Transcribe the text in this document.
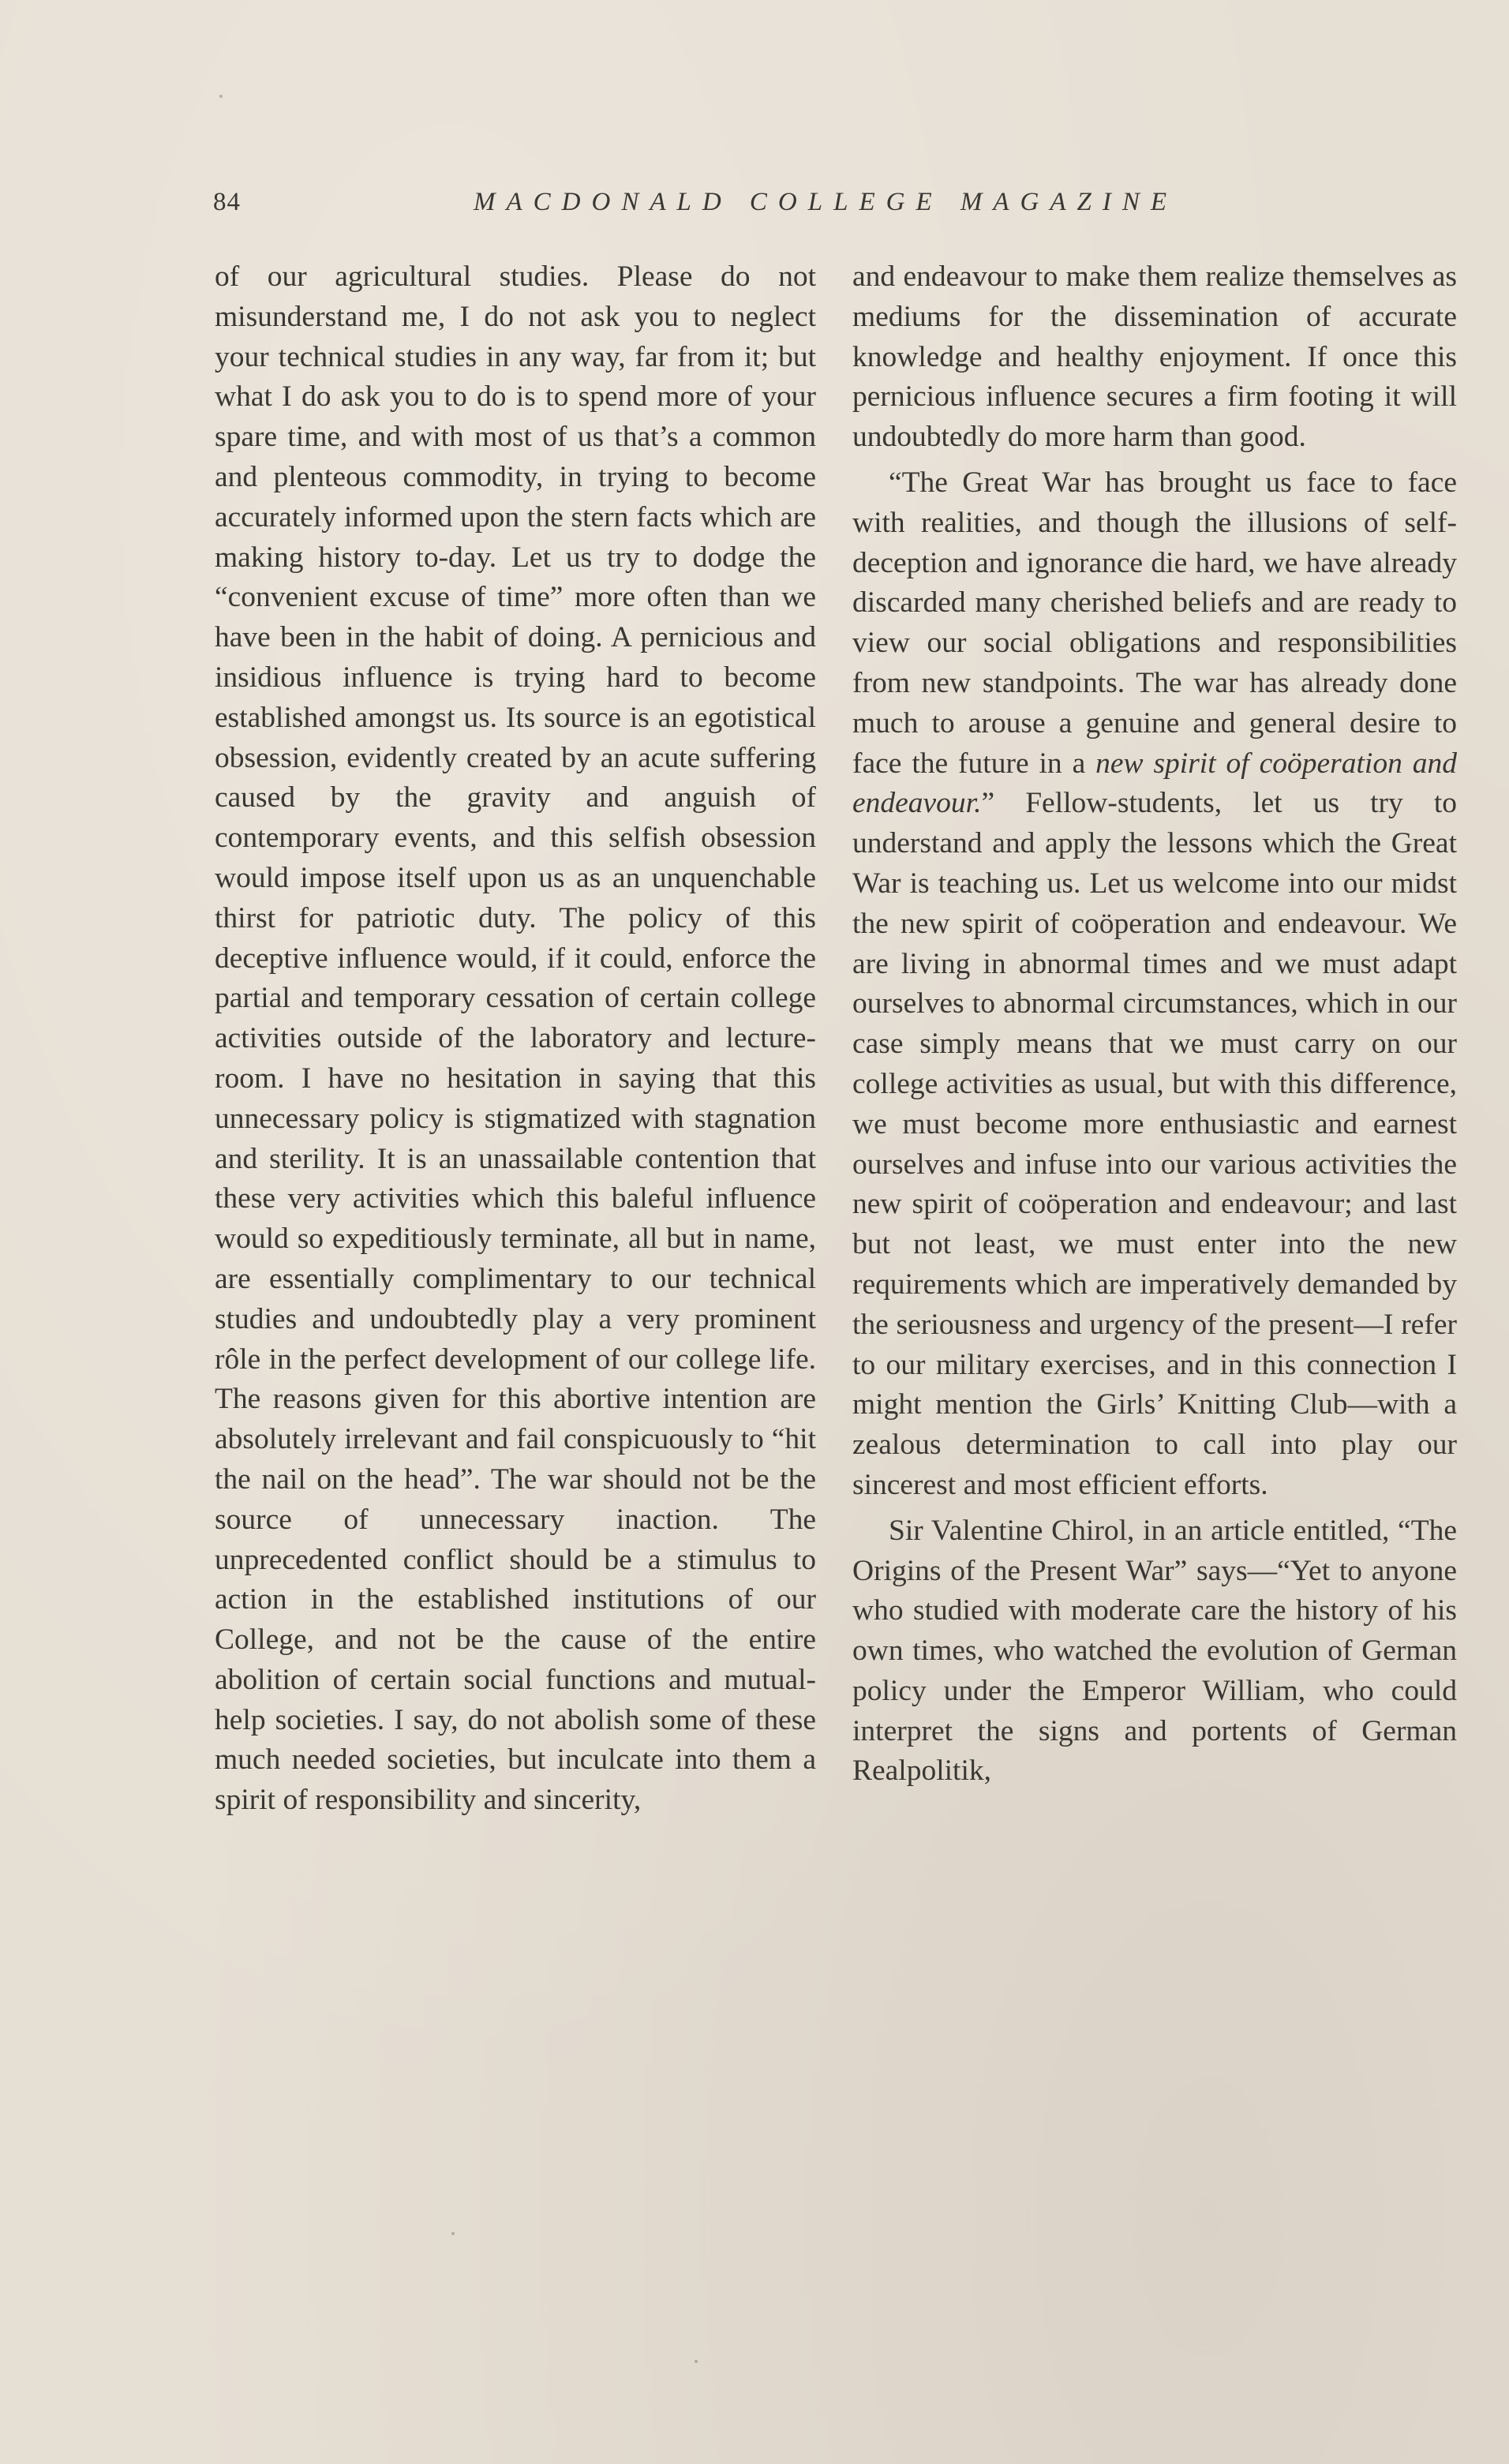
84	MACDONALD COLLEGE MAGAZINE

of our agricultural studies. Please do not misunderstand me, I do not ask you to neglect your technical studies in any way, far from it; but what I do ask you to do is to spend more of your spare time, and with most of us that’s a common and plenteous commodity, in trying to become accurately informed upon the stern facts which are making history to-day. Let us try to dodge the “convenient excuse of time” more often than we have been in the habit of doing. A pernicious and insidious influence is trying hard to become established amongst us. Its source is an egotistical obsession, evidently created by an acute suffering caused by the gravity and anguish of contemporary events, and this selfish obsession would impose itself upon us as an unquenchable thirst for patriotic duty. The policy of this deceptive influence would, if it could, enforce the partial and temporary cessation of certain college activities outside of the laboratory and lecture-room. I have no hesitation in saying that this unnecessary policy is stigmatized with stagnation and sterility. It is an unassailable contention that these very activities which this baleful influence would so expeditiously terminate, all but in name, are essentially complimentary to our technical studies and undoubtedly play a very prominent rôle in the perfect development of our college life. The reasons given for this abortive intention are absolutely irrelevant and fail conspicuously to “hit the nail on the head”. The war should not be the source of unnecessary inaction. The unprecedented conflict should be a stimulus to action in the established institutions of our College, and not be the cause of the entire abolition of certain social functions and mutual-help societies. I say, do not abolish some of these much needed societies, but inculcate into them a spirit of responsibility and sincerity,

and endeavour to make them realize themselves as mediums for the dissemination of accurate knowledge and healthy enjoyment. If once this pernicious influence secures a firm footing it will undoubtedly do more harm than good.

“The Great War has brought us face to face with realities, and though the illusions of self-deception and ignorance die hard, we have already discarded many cherished beliefs and are ready to view our social obligations and responsibilities from new standpoints. The war has already done much to arouse a genuine and general desire to face the future in a new spirit of coöperation and endeavour.” Fellow-students, let us try to understand and apply the lessons which the Great War is teaching us. Let us welcome into our midst the new spirit of coöperation and endeavour. We are living in abnormal times and we must adapt ourselves to abnormal circumstances, which in our case simply means that we must carry on our college activities as usual, but with this difference, we must become more enthusiastic and earnest ourselves and infuse into our various activities the new spirit of coöperation and endeavour; and last but not least, we must enter into the new requirements which are imperatively demanded by the seriousness and urgency of the present—I refer to our military exercises, and in this connection I might mention the Girls’ Knitting Club—with a zealous determination to call into play our sincerest and most efficient efforts.

Sir Valentine Chirol, in an article entitled, “The Origins of the Present War” says—“Yet to anyone who studied with moderate care the history of his own times, who watched the evolution of German policy under the Emperor William, who could interpret the signs and portents of German Realpolitik,
